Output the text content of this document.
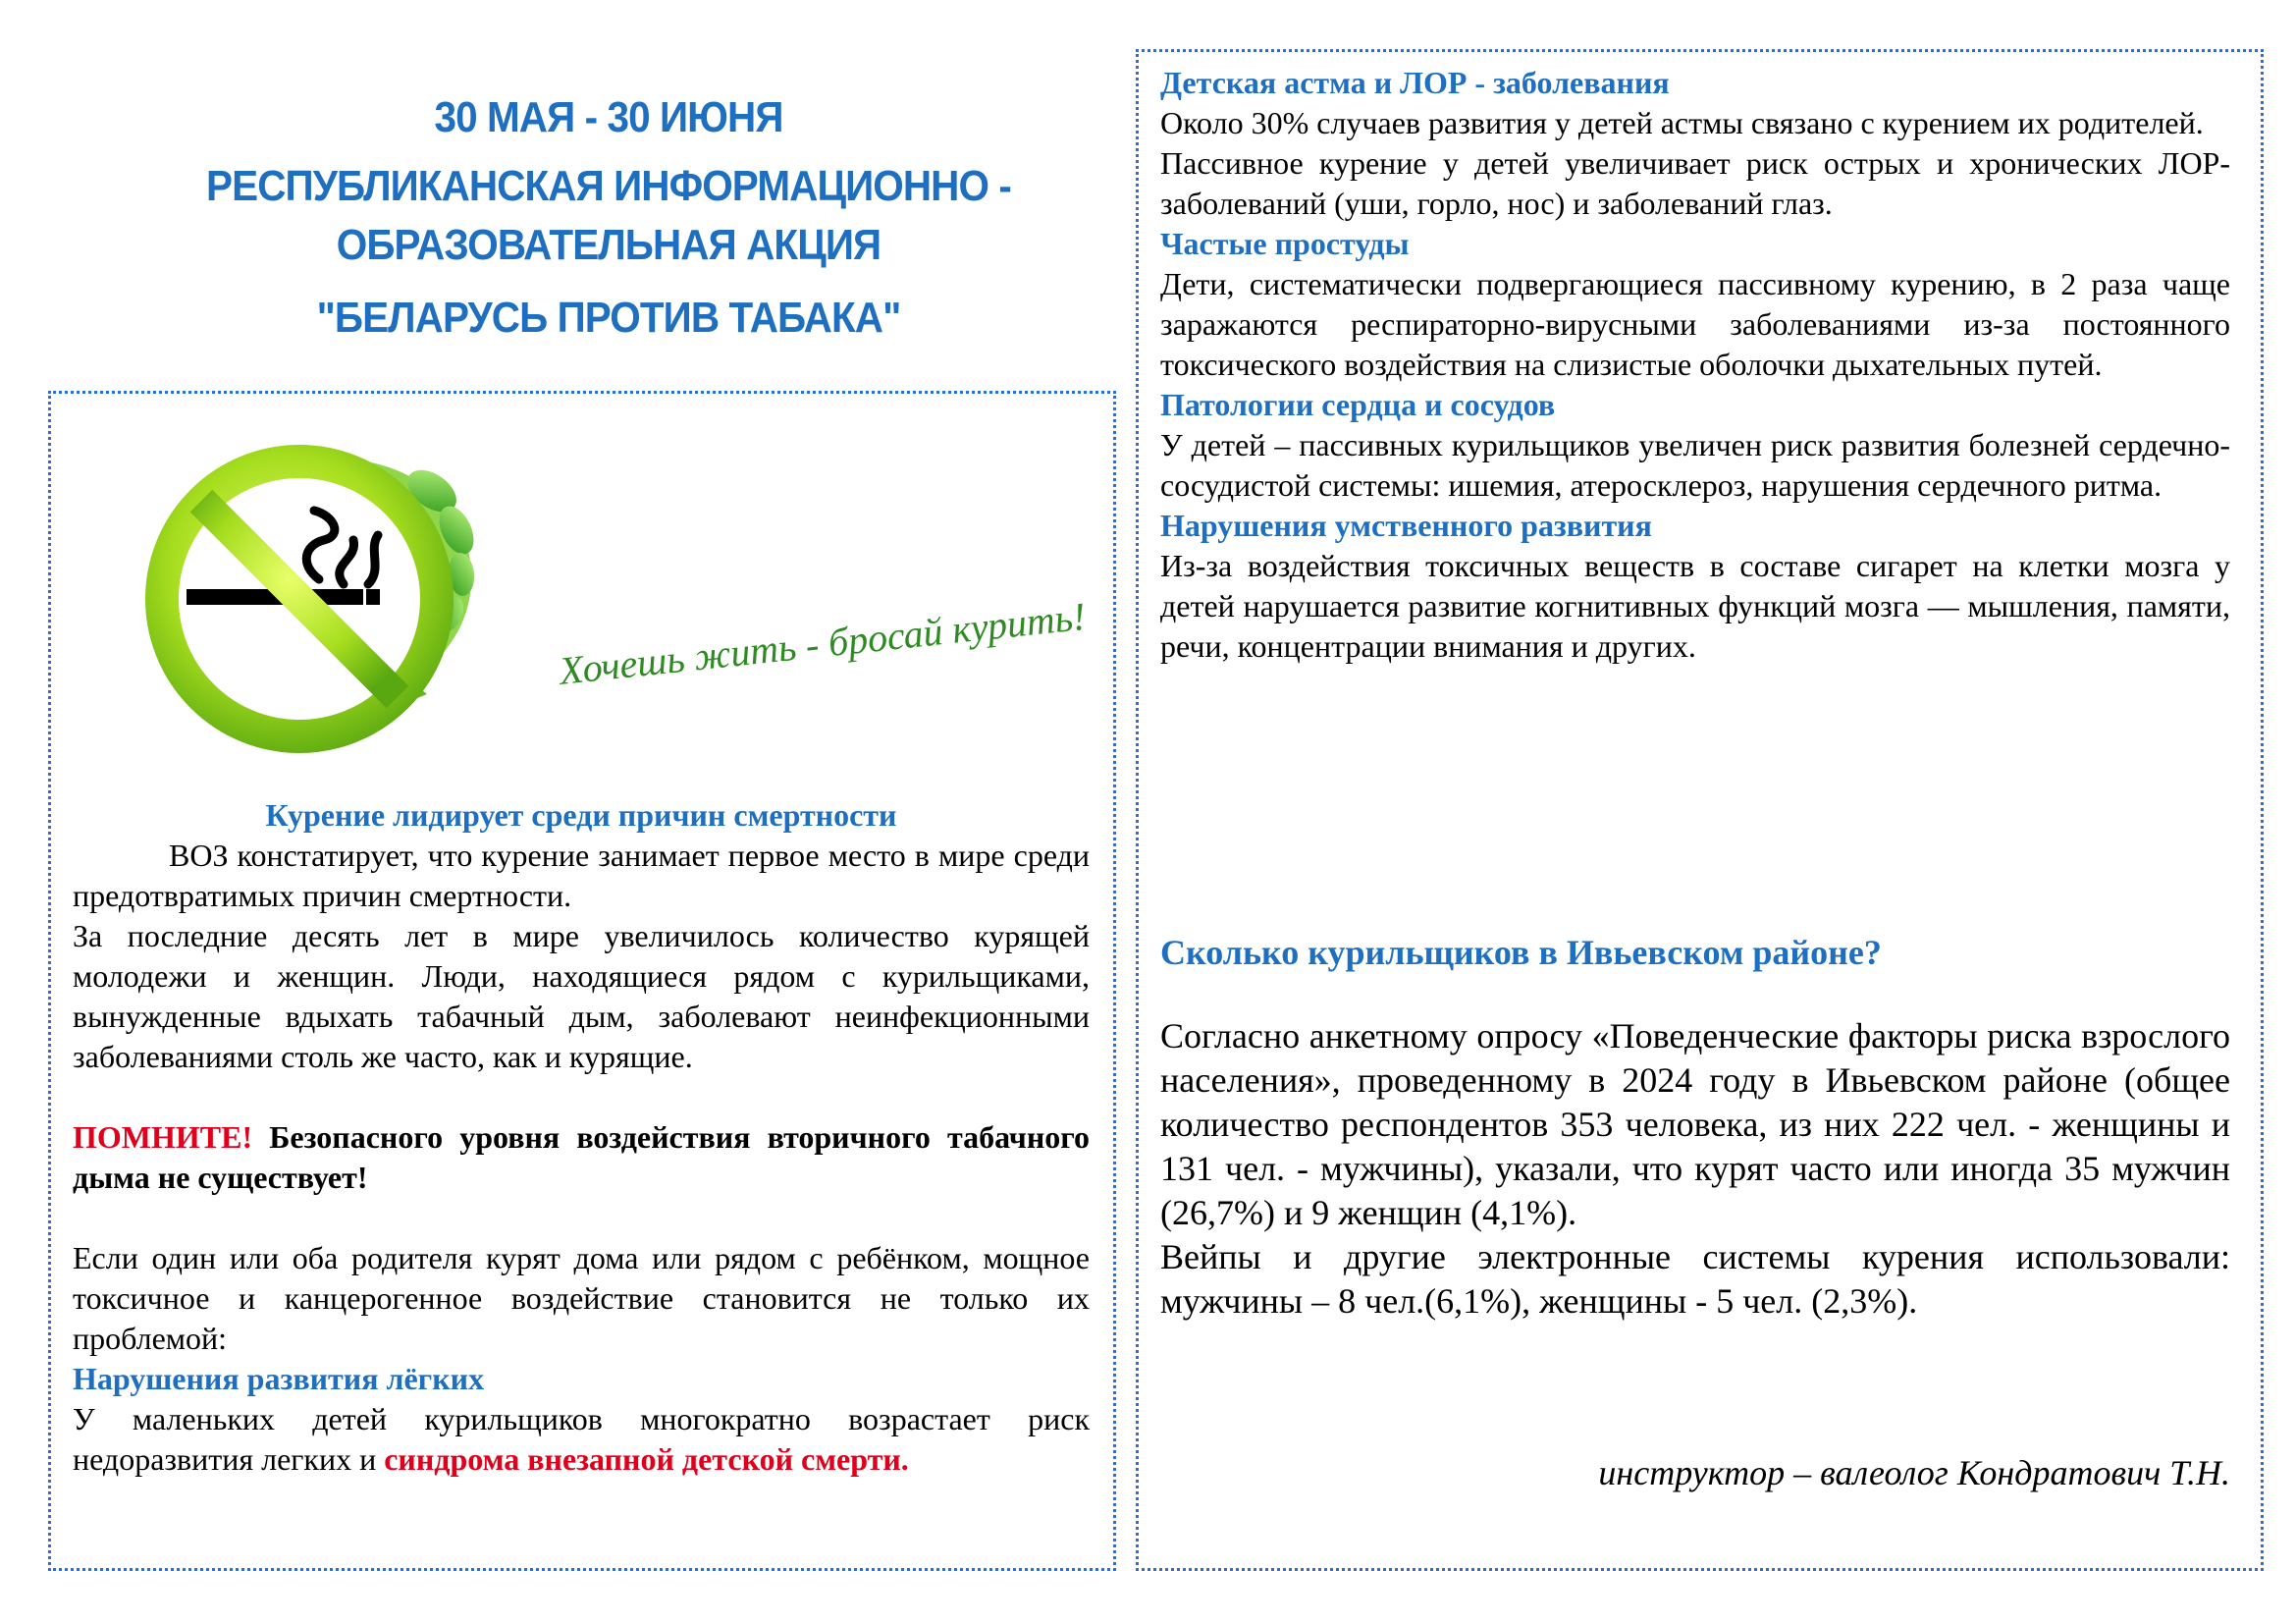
30 МАЯ - 30 ИЮНЯ
РЕСПУБЛИКАНСКАЯ ИНФОРМАЦИОННО - ОБРАЗОВАТЕЛЬНАЯ АКЦИЯ
"БЕЛАРУСЬ ПРОТИВ ТАБАКА"
Хочешь жить - бросай курить!

Курение лидирует среди причин смертности

ВОЗ констатирует, что курение занимает первое место в мире среди предотвратимых причин смертности.

За последние десять лет в мире увеличилось количество курящей молодежи и женщин. Люди, находящиеся рядом с курильщиками, вынужденные вдыхать табачный дым, заболевают неинфекционными заболеваниями столь же часто, как и курящие.

ПОМНИТЕ! Безопасного уровня воздействия вторичного табачного дыма не существует!

Если один или оба родителя курят дома или рядом с ребёнком, мощное токсичное и канцерогенное воздействие становится не только их проблемой:

Нарушения развития лёгких

У маленьких детей курильщиков многократно возрастает риск недоразвития легких и синдрома внезапной детской смерти.

Детская астма и ЛОР - заболевания

Около 30% случаев развития у детей астмы связано с курением их родителей.

Пассивное курение у детей увеличивает риск острых и хронических ЛОР-заболеваний (уши, горло, нос) и заболеваний глаз.

Частые простуды

Дети, систематически подвергающиеся пассивному курению, в 2 раза чаще заражаются респираторно-вирусными заболеваниями из-за постоянного токсического воздействия на слизистые оболочки дыхательных путей.

Патологии сердца и сосудов

У детей – пассивных курильщиков увеличен риск развития болезней сердечно-сосудистой системы: ишемия, атеросклероз, нарушения сердечного ритма.

Нарушения умственного развития

Из-за воздействия токсичных веществ в составе сигарет на клетки мозга у детей нарушается развитие когнитивных функций мозга — мышления, памяти, речи, концентрации внимания и других.

Сколько курильщиков в Ивьевском районе?

Согласно анкетному опросу «Поведенческие факторы риска взрослого населения», проведенному в 2024 году в Ивьевском районе (общее количество респондентов 353 человека, из них 222 чел. - женщины и 131 чел. - мужчины), указали, что курят часто или иногда 35 мужчин (26,7%) и 9 женщин (4,1%).

Вейпы и другие электронные системы курения использовали: мужчины – 8 чел.(6,1%), женщины - 5 чел. (2,3%).

инструктор – валеолог Кондратович Т.Н.
